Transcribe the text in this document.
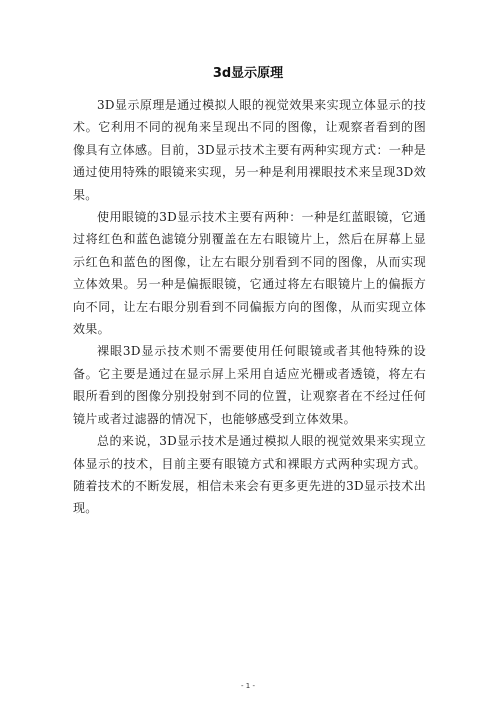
3d显示原理

3D显示原理是通过模拟人眼的视觉效果来实现立体显示的技术。它利用不同的视角来呈现出不同的图像，让观察者看到的图像具有立体感。目前，3D显示技术主要有两种实现方式：一种是通过使用特殊的眼镜来实现，另一种是利用裸眼技术来呈现3D效果。

使用眼镜的3D显示技术主要有两种：一种是红蓝眼镜，它通过将红色和蓝色滤镜分别覆盖在左右眼镜片上，然后在屏幕上显示红色和蓝色的图像，让左右眼分别看到不同的图像，从而实现立体效果。另一种是偏振眼镜，它通过将左右眼镜片上的偏振方向不同，让左右眼分别看到不同偏振方向的图像，从而实现立体效果。

裸眼3D显示技术则不需要使用任何眼镜或者其他特殊的设备。它主要是通过在显示屏上采用自适应光栅或者透镜，将左右眼所看到的图像分别投射到不同的位置，让观察者在不经过任何镜片或者过滤器的情况下，也能够感受到立体效果。

总的来说，3D显示技术是通过模拟人眼的视觉效果来实现立体显示的技术，目前主要有眼镜方式和裸眼方式两种实现方式。随着技术的不断发展，相信未来会有更多更先进的3D显示技术出现。

- 1 -
